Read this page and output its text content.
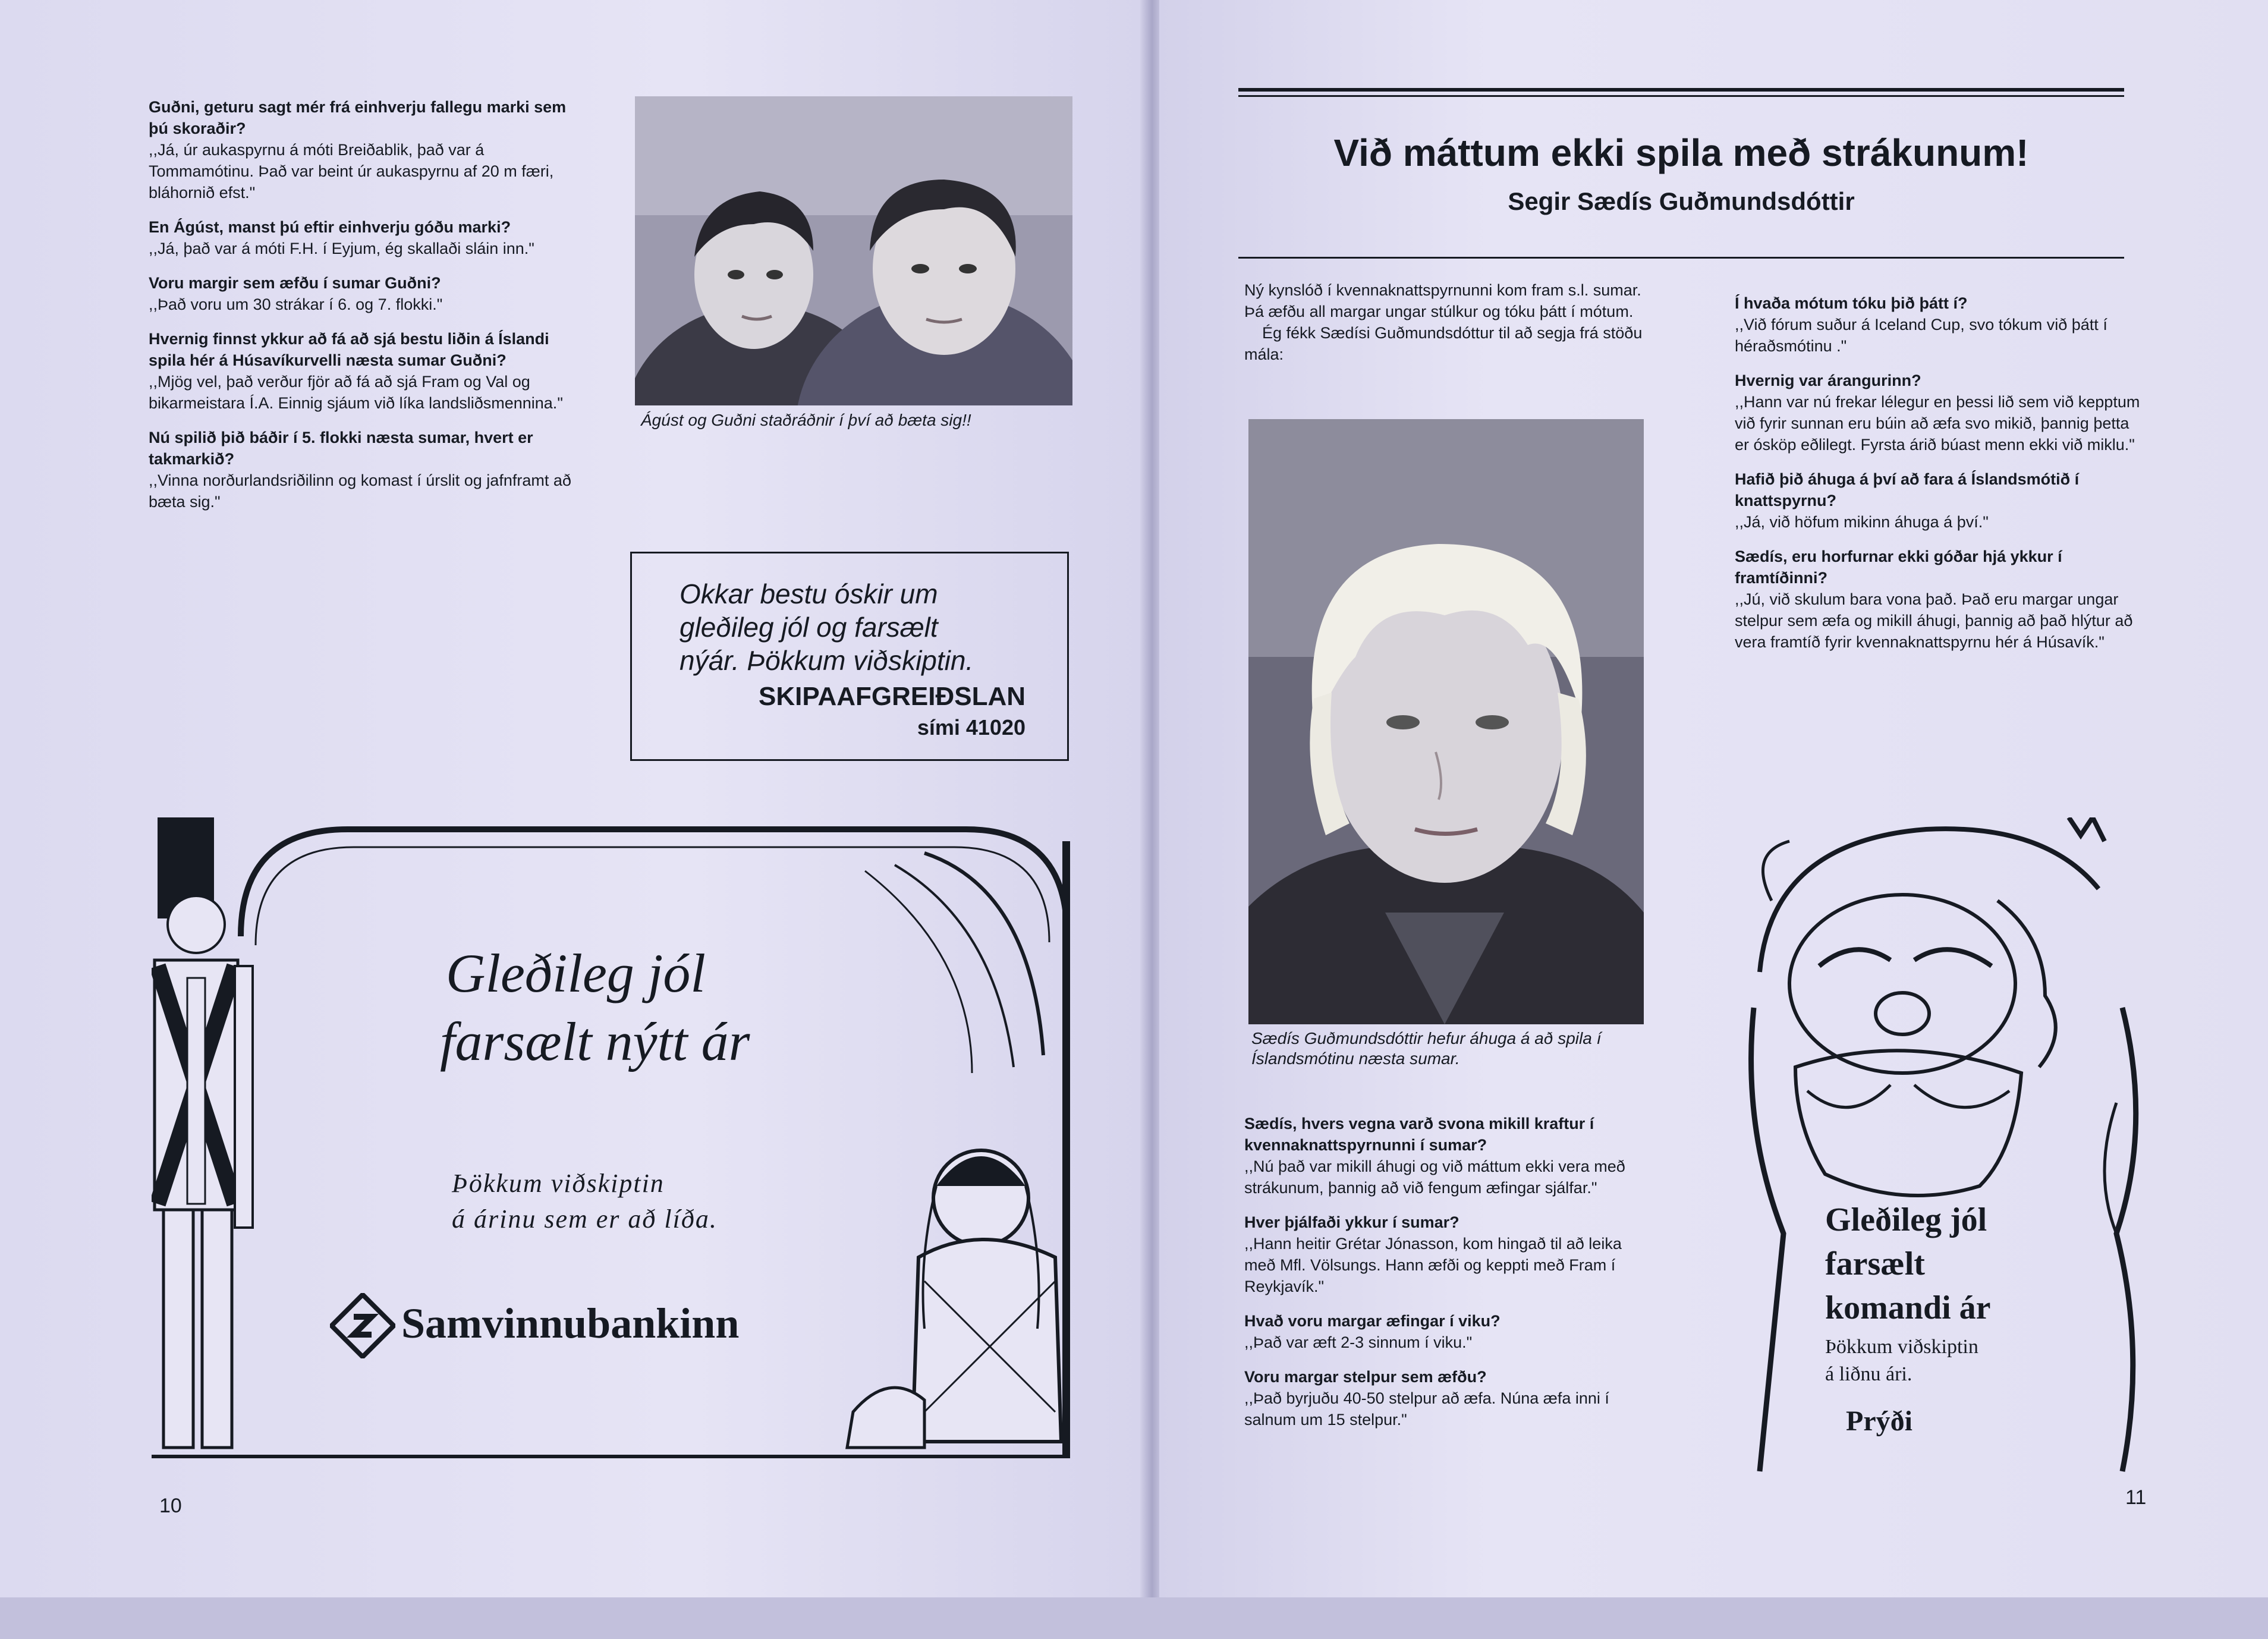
Guðni, geturu sagt mér frá einhverju fallegu marki sem þú skoraðir?
,,Já, úr aukaspyrnu á móti Breiðablik, það var á Tommamótinu. Það var beint úr aukaspyrnu af 20 m færi, bláhornið efst."
En Ágúst, manst þú eftir einhverju góðu marki?
,,Já, það var á móti F.H. í Eyjum, ég skallaði sláin inn."
Voru margir sem æfðu í sumar Guðni?
,,Það voru um 30 strákar í 6. og 7. flokki."
Hvernig finnst ykkur að fá að sjá bestu liðin á Íslandi spila hér á Húsavíkurvelli næsta sumar Guðni?
,,Mjög vel, það verður fjör að fá að sjá Fram og Val og bikarmeistara Í.A. Einnig sjáum við líka landsliðsmennina."
Nú spilið þið báðir í 5. flokki næsta sumar, hvert er takmarkið?
,,Vinna norðurlandsriðilinn og komast í úrslit og jafnframt að bæta sig."
Ágúst og Guðni staðráðnir í því að bæta sig!!
Okkar bestu óskir um
gleðileg jól og farsælt
nýár. Þökkum viðskiptin.
SKIPAAFGREIÐSLAN
sími 41020
Gleðileg jól
farsælt nýtt ár
Þökkum viðskiptin
á árinu sem er að líða.
Samvinnubankinn
10
Við máttum ekki spila með strákunum!
Segir Sædís Guðmundsdóttir
Ný kynslóð í kvennaknattspyrnunni kom fram s.l. sumar. Þá æfðu all margar ungar stúlkur og tóku þátt í mótum.
Ég fékk Sædísi Guðmundsdóttur til að segja frá stöðu mála:
Sædís Guðmundsdóttir hefur áhuga á að spila í Íslandsmótinu næsta sumar.
Sædís, hvers vegna varð svona mikill kraftur í kvennaknattspyrnunni í sumar?
,,Nú það var mikill áhugi og við máttum ekki vera með strákunum, þannig að við fengum æfingar sjálfar."
Hver þjálfaði ykkur í sumar?
,,Hann heitir Grétar Jónasson, kom hingað til að leika með Mfl. Völsungs. Hann æfði og keppti með Fram í Reykjavík."
Hvað voru margar æfingar í viku?
,,Það var æft 2-3 sinnum í viku."
Voru margar stelpur sem æfðu?
,,Það byrjuðu 40-50 stelpur að æfa. Núna æfa inni í salnum um 15 stelpur."
Í hvaða mótum tóku þið þátt í?
,,Við fórum suður á Iceland Cup, svo tókum við þátt í héraðsmótinu ."
Hvernig var árangurinn?
,,Hann var nú frekar lélegur en þessi lið sem við kepptum við fyrir sunnan eru búin að æfa svo mikið, þannig þetta er ósköp eðlilegt. Fyrsta árið búast menn ekki við miklu."
Hafið þið áhuga á því að fara á Íslandsmótið í knattspyrnu?
,,Já, við höfum mikinn áhuga á því."
Sædís, eru horfurnar ekki góðar hjá ykkur í framtíðinni?
,,Jú, við skulum bara vona það. Það eru margar ungar stelpur sem æfa og mikill áhugi, þannig að það hlýtur að vera framtíð fyrir kvennaknattspyrnu hér á Húsavík."
Gleðileg jól
farsælt
komandi ár
Þökkum viðskiptin
á liðnu ári.
Prýði
11
